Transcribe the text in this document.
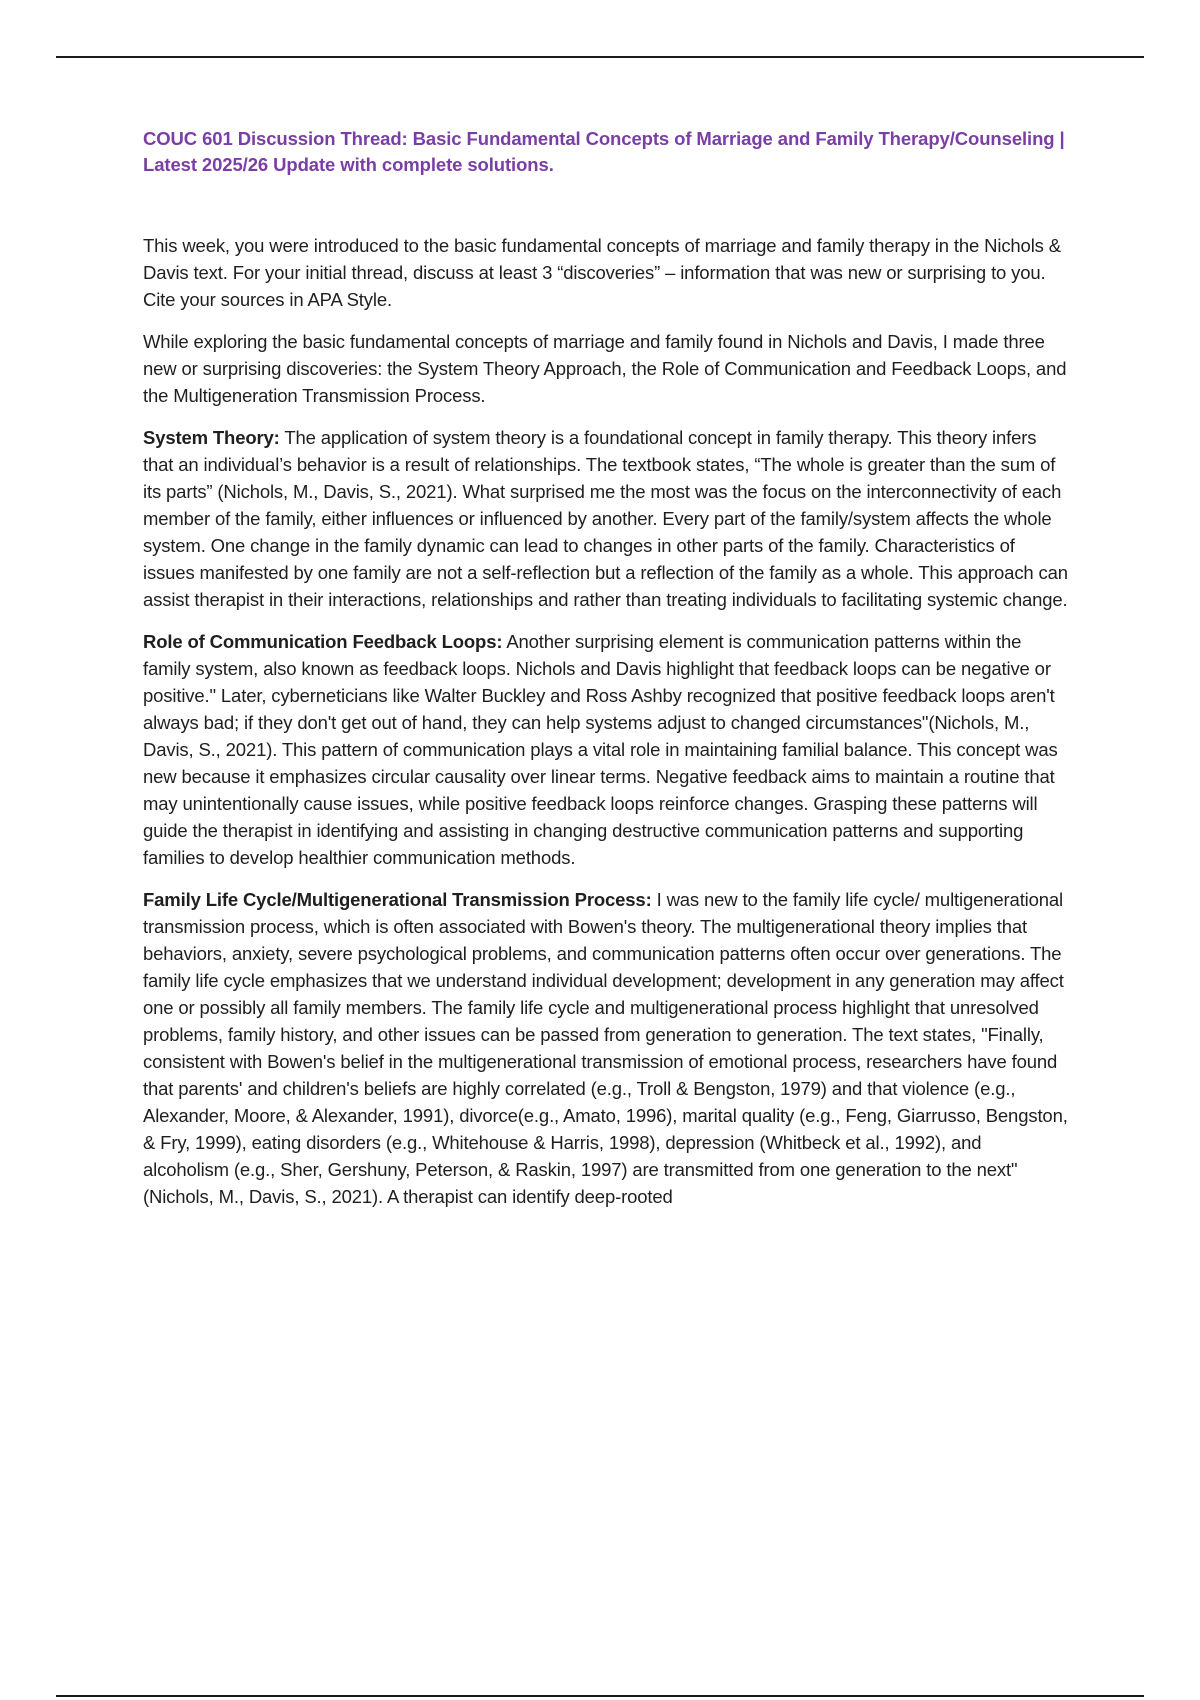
COUC 601 Discussion Thread: Basic Fundamental Concepts of Marriage and Family Therapy/Counseling | Latest 2025/26 Update with complete solutions.

This week, you were introduced to the basic fundamental concepts of marriage and family therapy in the Nichols & Davis text. For your initial thread, discuss at least 3 “discoveries” – information that was new or surprising to you. Cite your sources in APA Style.

While exploring the basic fundamental concepts of marriage and family found in Nichols and Davis, I made three new or surprising discoveries: the System Theory Approach, the Role of Communication and Feedback Loops, and the Multigeneration Transmission Process.

System Theory: The application of system theory is a foundational concept in family therapy. This theory infers that an individual’s behavior is a result of relationships. The textbook states, “The whole is greater than the sum of its parts” (Nichols, M., Davis, S., 2021). What surprised me the most was the focus on the interconnectivity of each member of the family, either influences or influenced by another. Every part of the family/system affects the whole system. One change in the family dynamic can lead to changes in other parts of the family. Characteristics of issues manifested by one family are not a self-reflection but a reflection of the family as a whole. This approach can assist therapist in their interactions, relationships and rather than treating individuals to facilitating systemic change.

Role of Communication Feedback Loops: Another surprising element is communication patterns within the family system, also known as feedback loops. Nichols and Davis highlight that feedback loops can be negative or positive." Later, cyberneticians like Walter Buckley and Ross Ashby recognized that positive feedback loops aren't always bad; if they don't get out of hand, they can help systems adjust to changed circumstances"(Nichols, M., Davis, S., 2021). This pattern of communication plays a vital role in maintaining familial balance. This concept was new because it emphasizes circular causality over linear terms. Negative feedback aims to maintain a routine that may unintentionally cause issues, while positive feedback loops reinforce changes. Grasping these patterns will guide the therapist in identifying and assisting in changing destructive communication patterns and supporting families to develop healthier communication methods.

Family Life Cycle/Multigenerational Transmission Process: I was new to the family life cycle/ multigenerational transmission process, which is often associated with Bowen's theory. The multigenerational theory implies that behaviors, anxiety, severe psychological problems, and communication patterns often occur over generations. The family life cycle emphasizes that we understand individual development; development in any generation may affect one or possibly all family members. The family life cycle and multigenerational process highlight that unresolved problems, family history, and other issues can be passed from generation to generation. The text states, "Finally, consistent with Bowen's belief in the multigenerational transmission of emotional process, researchers have found that parents' and children's beliefs are highly correlated (e.g., Troll & Bengston, 1979) and that violence (e.g., Alexander, Moore, & Alexander, 1991), divorce(e.g., Amato, 1996), marital quality (e.g., Feng, Giarrusso, Bengston, & Fry, 1999), eating disorders (e.g., Whitehouse & Harris, 1998), depression (Whitbeck et al., 1992), and alcoholism (e.g., Sher, Gershuny, Peterson, & Raskin, 1997) are transmitted from one generation to the next"(Nichols, M., Davis, S., 2021). A therapist can identify deep-rooted
